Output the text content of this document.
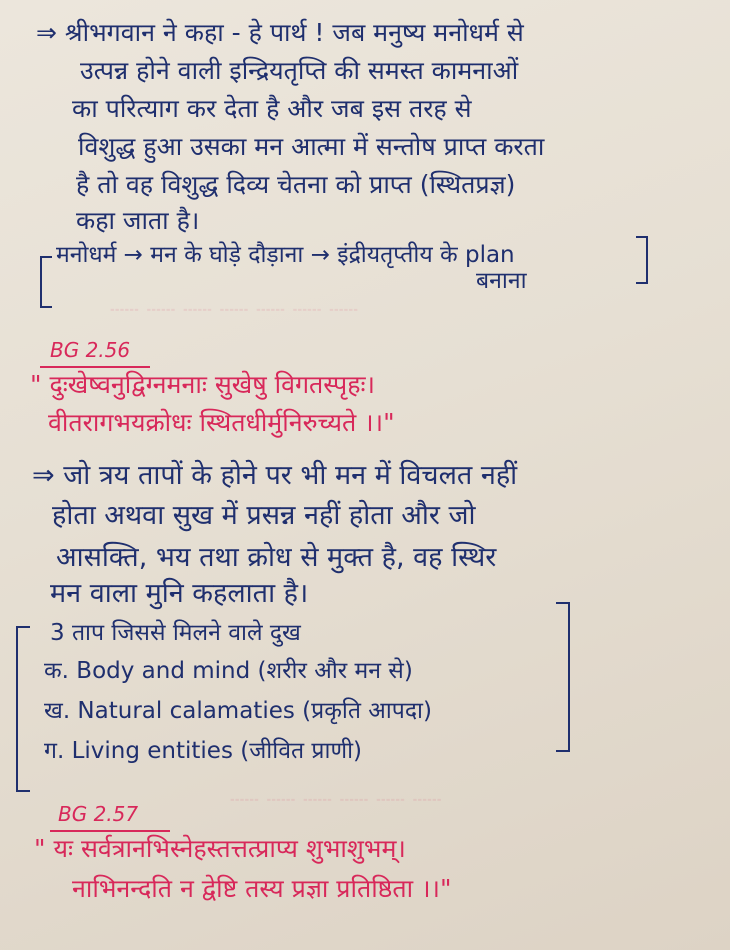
┄┄ ┄┄ ┄┄ ┄┄ ┄┄ ┄┄ ┄┄
┄┄ ┄┄ ┄┄ ┄┄ ┄┄ ┄┄
⇒ श्रीभगवान ने कहा - हे पार्थ ! जब मनुष्य मनोधर्म से
उत्पन्न होने वाली इन्द्रियतृप्ति की समस्त कामनाओं
का परित्याग कर देता है और जब इस तरह से
विशुद्ध हुआ उसका मन आत्मा में सन्तोष प्राप्त करता
है तो वह विशुद्ध दिव्य चेतना को प्राप्त (स्थितप्रज्ञ)
कहा जाता है।
मनोधर्म → मन के घोड़े दौड़ाना → इंद्रीयतृप्तीय के plan
बनाना
BG 2.56
" दुःखेष्वनुद्विग्नमनाः सुखेषु विगतस्पृहः।
वीतरागभयक्रोधः स्थितधीर्मुनिरुच्यते ।।"
⇒ जो त्रय तापों के होने पर भी मन में विचलत नहीं
होता अथवा सुख में प्रसन्न नहीं होता और जो
आसक्ति, भय तथा क्रोध से मुक्त है, वह स्थिर
मन वाला मुनि कहलाता है।
3 ताप जिससे मिलने वाले दुख
क. Body and mind (शरीर और मन से)
ख. Natural calamaties (प्रकृति आपदा)
ग. Living entities (जीवित प्राणी)
BG 2.57
" यः सर्वत्रानभिस्नेहस्तत्तत्प्राप्य शुभाशुभम्।
नाभिनन्दति न द्वेष्टि तस्य प्रज्ञा प्रतिष्ठिता ।।"
